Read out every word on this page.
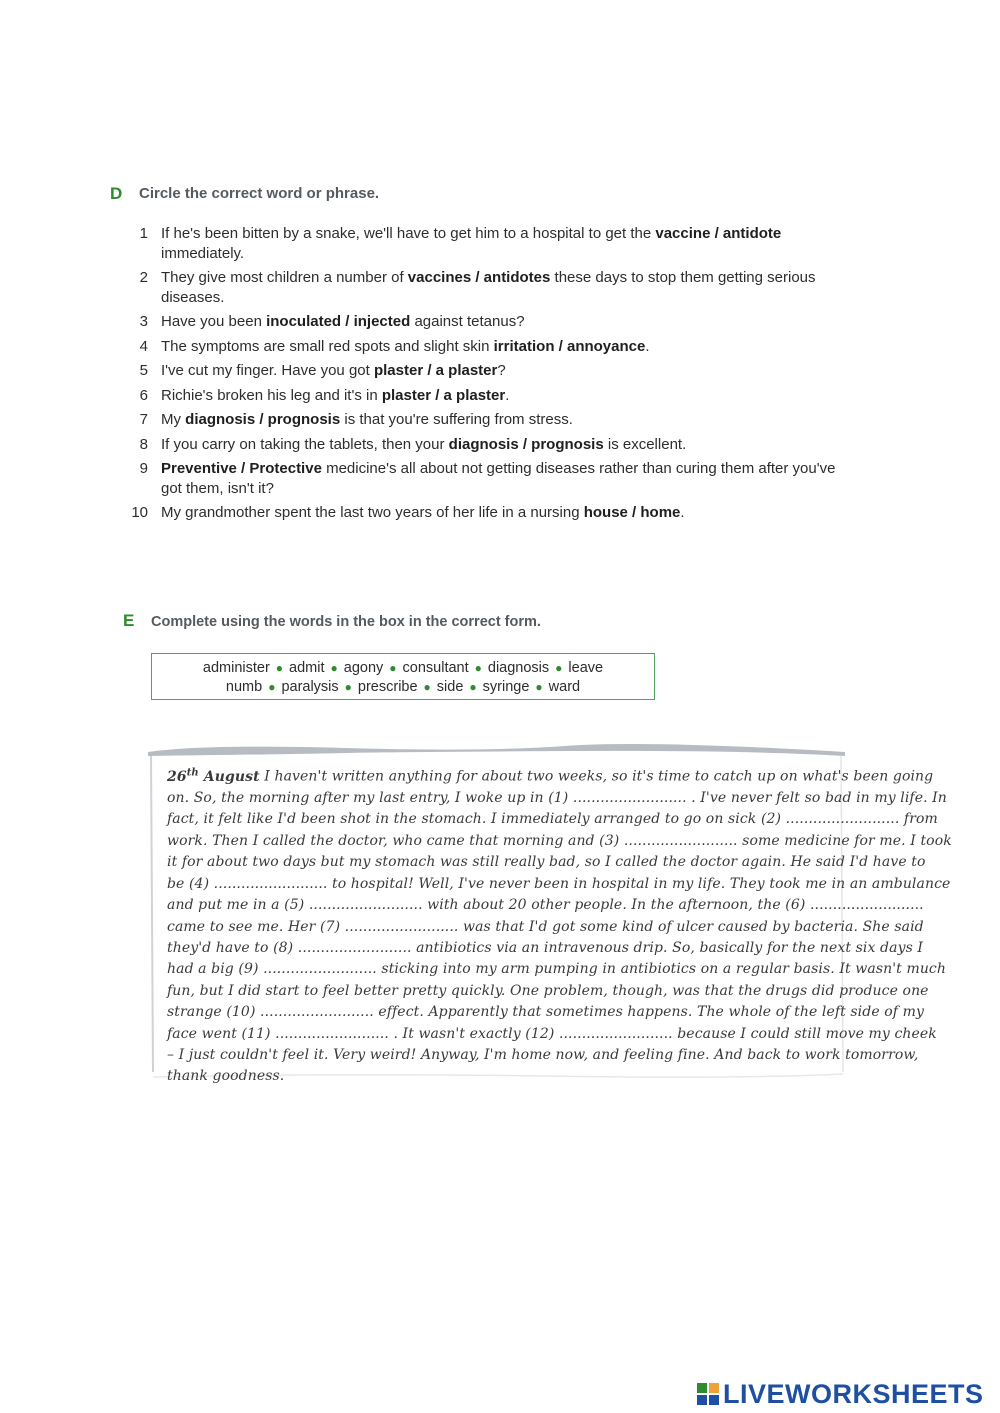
D Circle the correct word or phrase.
1 If he's been bitten by a snake, we'll have to get him to a hospital to get the vaccine / antidote immediately.
2 They give most children a number of vaccines / antidotes these days to stop them getting serious diseases.
3 Have you been inoculated / injected against tetanus?
4 The symptoms are small red spots and slight skin irritation / annoyance.
5 I've cut my finger. Have you got plaster / a plaster?
6 Richie's broken his leg and it's in plaster / a plaster.
7 My diagnosis / prognosis is that you're suffering from stress.
8 If you carry on taking the tablets, then your diagnosis / prognosis is excellent.
9 Preventive / Protective medicine's all about not getting diseases rather than curing them after you've got them, isn't it?
10 My grandmother spent the last two years of her life in a nursing house / home.
E Complete using the words in the box in the correct form.
administer ● admit ● agony ● consultant ● diagnosis ● leave
numb ● paralysis ● prescribe ● side ● syringe ● ward
26th August I haven't written anything for about two weeks, so it's time to catch up on what's been going
on. So, the morning after my last entry, I woke up in (1) ......................... . I've never felt so bad in my life. In
fact, it felt like I'd been shot in the stomach. I immediately arranged to go on sick (2) ......................... from
work. Then I called the doctor, who came that morning and (3) ......................... some medicine for me. I took
it for about two days but my stomach was still really bad, so I called the doctor again. He said I'd have to
be (4) ......................... to hospital! Well, I've never been in hospital in my life. They took me in an ambulance
and put me in a (5) ......................... with about 20 other people. In the afternoon, the (6) .........................
came to see me. Her (7) ......................... was that I'd got some kind of ulcer caused by bacteria. She said
they'd have to (8) ......................... antibiotics via an intravenous drip. So, basically for the next six days I
had a big (9) ......................... sticking into my arm pumping in antibiotics on a regular basis. It wasn't much
fun, but I did start to feel better pretty quickly. One problem, though, was that the drugs did produce one
strange (10) ......................... effect. Apparently that sometimes happens. The whole of the left side of my
face went (11) ......................... . It wasn't exactly (12) ......................... because I could still move my cheek
– I just couldn't feel it. Very weird! Anyway, I'm home now, and feeling fine. And back to work tomorrow,
thank goodness.
LIVEWORKSHEETS
